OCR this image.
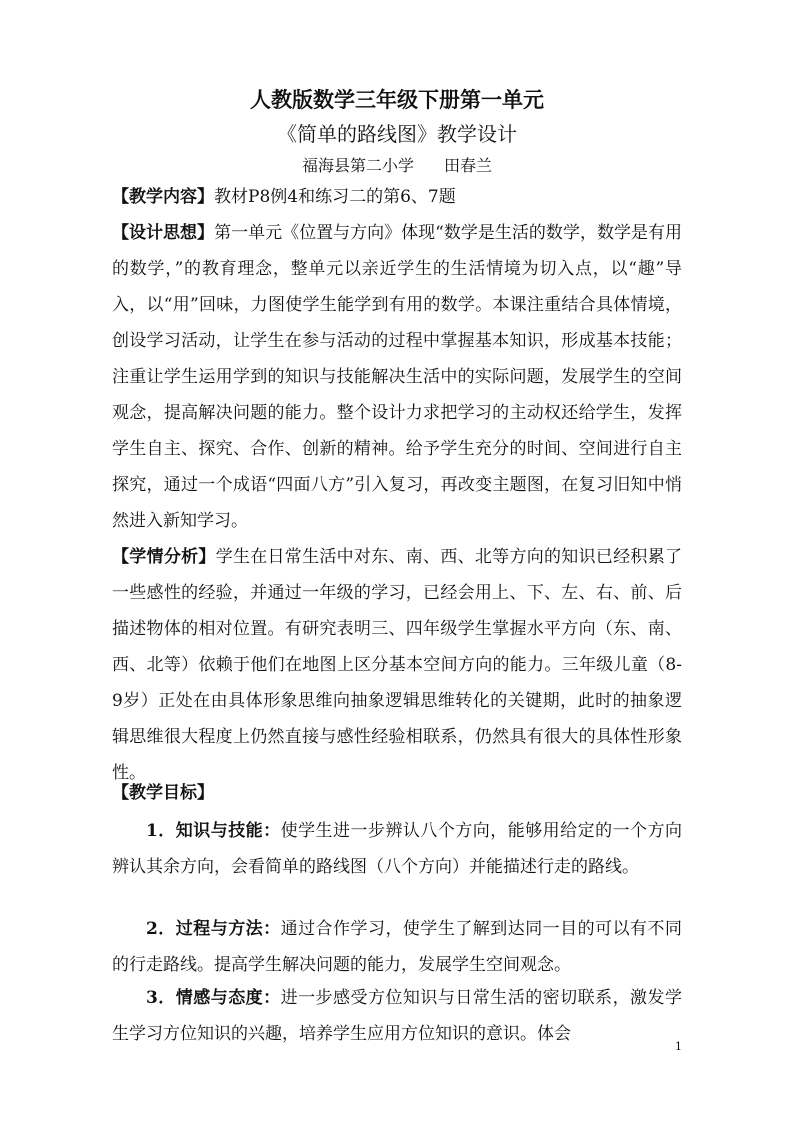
人教版数学三年级下册第一单元
《简单的路线图》教学设计
福海县第二小学 田春兰
【教学内容】教材P8例4和练习二的第6、7题
【设计思想】第一单元《位置与方向》体现“数学是生活的数学，数学是有用的数学，”的教育理念，整单元以亲近学生的生活情境为切入点，以“趣”导入，以“用”回味，力图使学生能学到有用的数学。本课注重结合具体情境，创设学习活动，让学生在参与活动的过程中掌握基本知识，形成基本技能；注重让学生运用学到的知识与技能解决生活中的实际问题，发展学生的空间观念，提高解决问题的能力。整个设计力求把学习的主动权还给学生，发挥学生自主、探究、合作、创新的精神。给予学生充分的时间、空间进行自主探究，通过一个成语“四面八方”引入复习，再改变主题图，在复习旧知中悄然进入新知学习。
【学情分析】学生在日常生活中对东、南、西、北等方向的知识已经积累了一些感性的经验，并通过一年级的学习，已经会用上、下、左、右、前、后描述物体的相对位置。有研究表明三、四年级学生掌握水平方向（东、南、西、北等）依赖于他们在地图上区分基本空间方向的能力。三年级儿童（8-9岁）正处在由具体形象思维向抽象逻辑思维转化的关键期，此时的抽象逻辑思维很大程度上仍然直接与感性经验相联系，仍然具有很大的具体性形象性。
【教学目标】
1．知识与技能：使学生进一步辨认八个方向，能够用给定的一个方向辨认其余方向，会看简单的路线图（八个方向）并能描述行走的路线。
2．过程与方法：通过合作学习，使学生了解到达同一目的可以有不同的行走路线。提高学生解决问题的能力，发展学生空间观念。
3．情感与态度：进一步感受方位知识与日常生活的密切联系，激发学生学习方位知识的兴趣，培养学生应用方位知识的意识。体会
1
